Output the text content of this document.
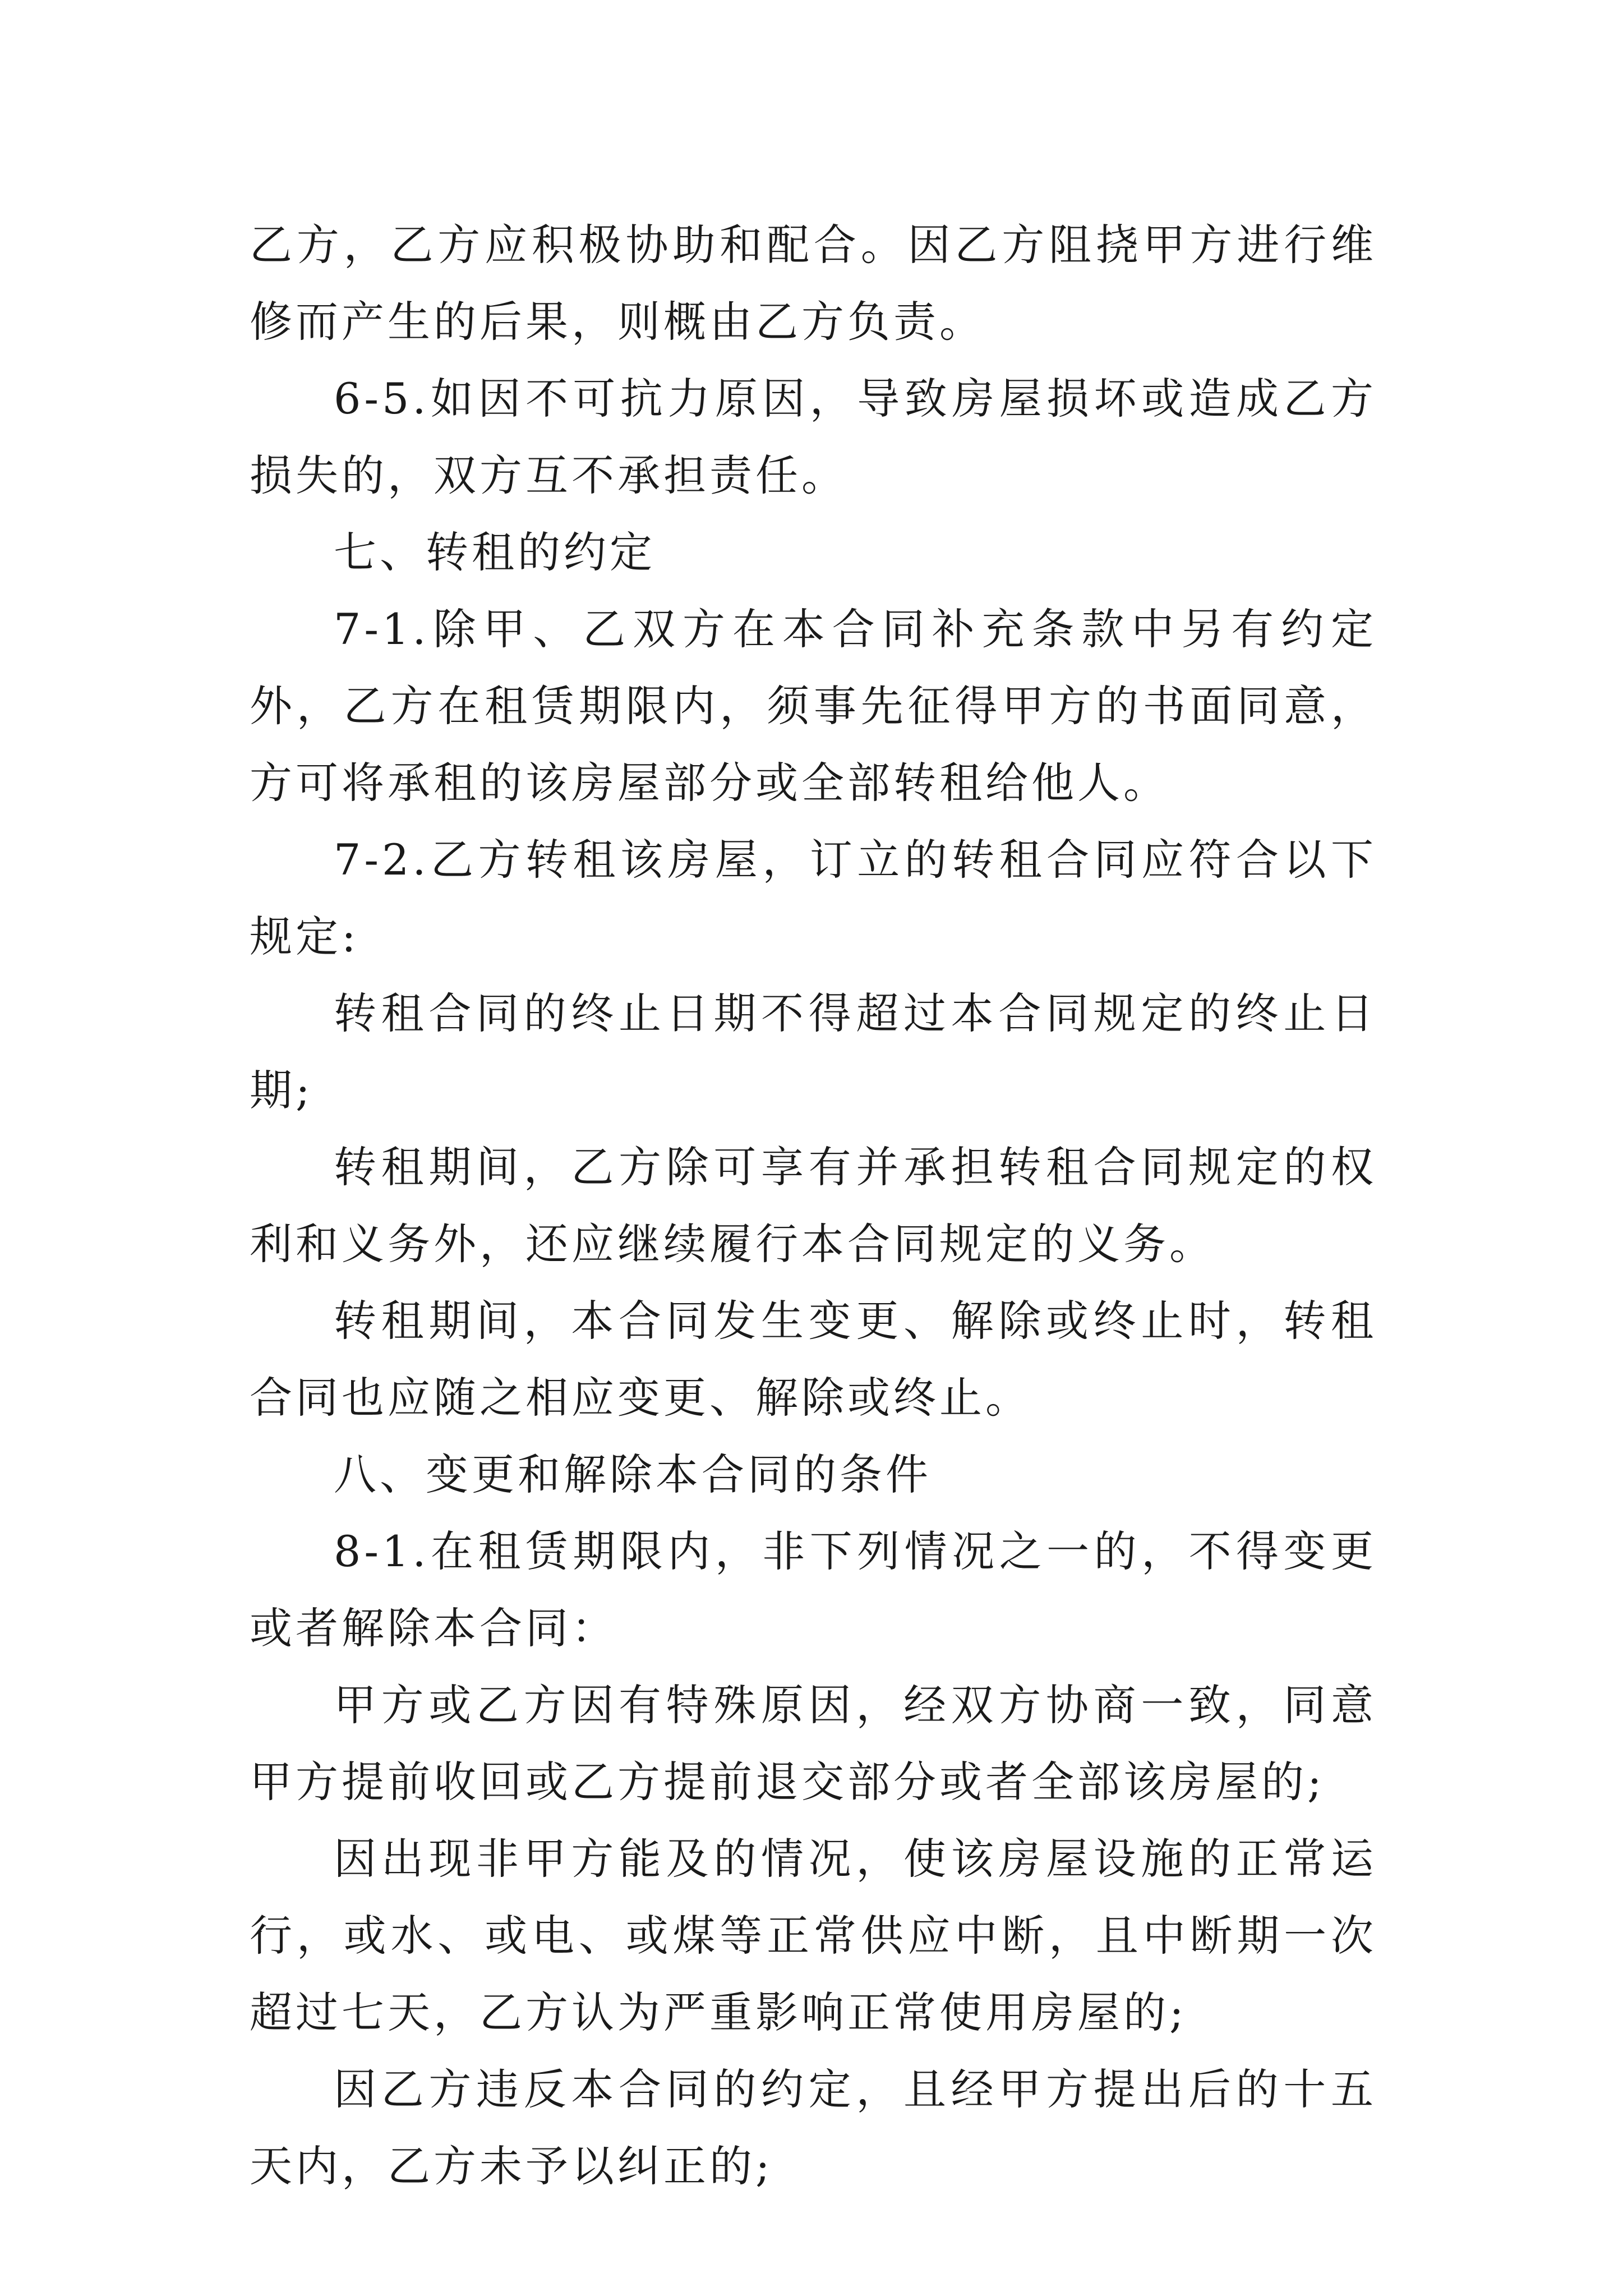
乙方，乙方应积极协助和配合。因乙方阻挠甲方进行维修而产生的后果，则概由乙方负责。

6-5.如因不可抗力原因，导致房屋损坏或造成乙方损失的，双方互不承担责任。

七、转租的约定

7-1.除甲、乙双方在本合同补充条款中另有约定外，乙方在租赁期限内，须事先征得甲方的书面同意，方可将承租的该房屋部分或全部转租给他人。

7-2.乙方转租该房屋，订立的转租合同应符合以下规定:

转租合同的终止日期不得超过本合同规定的终止日期;

转租期间，乙方除可享有并承担转租合同规定的权利和义务外，还应继续履行本合同规定的义务。

转租期间，本合同发生变更、解除或终止时，转租合同也应随之相应变更、解除或终止。

八、变更和解除本合同的条件

8-1.在租赁期限内，非下列情况之一的，不得变更或者解除本合同：

甲方或乙方因有特殊原因，经双方协商一致，同意甲方提前收回或乙方提前退交部分或者全部该房屋的;

因出现非甲方能及的情况，使该房屋设施的正常运行，或水、或电、或煤等正常供应中断，且中断期一次超过七天，乙方认为严重影响正常使用房屋的;

因乙方违反本合同的约定，且经甲方提出后的十五天内，乙方未予以纠正的;
